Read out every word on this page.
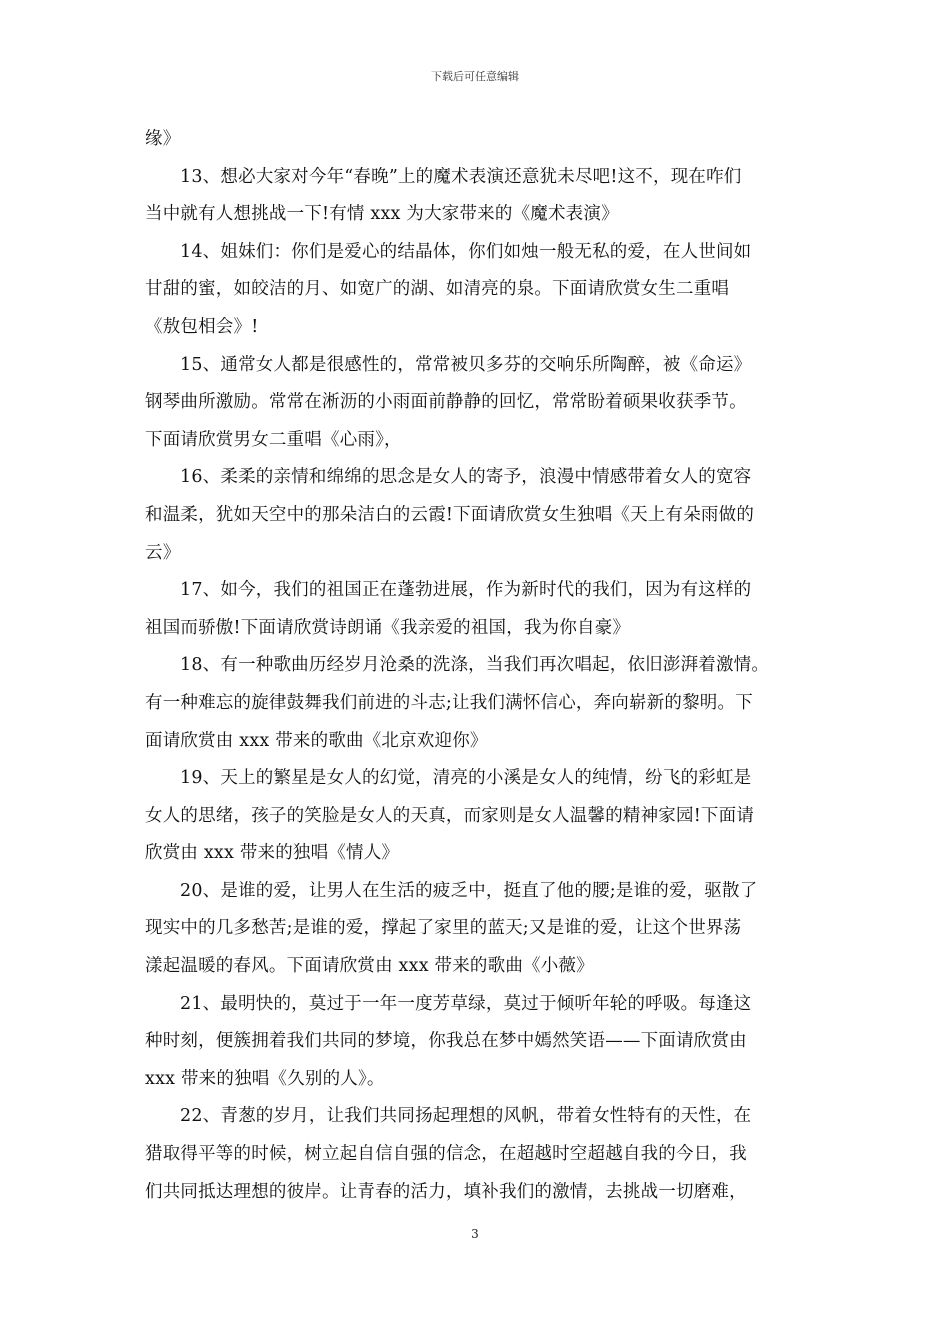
下载后可任意编辑
缘》
13、想必大家对今年“春晚”上的魔术表演还意犹未尽吧!这不，现在咋们
当中就有人想挑战一下!有情 xxx 为大家带来的《魔术表演》
14、姐妹们：你们是爱心的结晶体，你们如烛一般无私的爱，在人世间如
甘甜的蜜，如皎洁的月、如宽广的湖、如清亮的泉。下面请欣赏女生二重唱
《敖包相会》!
15、通常女人都是很感性的，常常被贝多芬的交响乐所陶醉，被《命运》
钢琴曲所激励。常常在淅沥的小雨面前静静的回忆，常常盼着硕果收获季节。
下面请欣赏男女二重唱《心雨》，
16、柔柔的亲情和绵绵的思念是女人的寄予，浪漫中情感带着女人的宽容
和温柔，犹如天空中的那朵洁白的云霞!下面请欣赏女生独唱《天上有朵雨做的
云》
17、如今，我们的祖国正在蓬勃进展，作为新时代的我们，因为有这样的
祖国而骄傲!下面请欣赏诗朗诵《我亲爱的祖国，我为你自豪》
18、有一种歌曲历经岁月沧桑的洗涤，当我们再次唱起，依旧澎湃着激情。
有一种难忘的旋律鼓舞我们前进的斗志;让我们满怀信心，奔向崭新的黎明。下
面请欣赏由 xxx 带来的歌曲《北京欢迎你》
19、天上的繁星是女人的幻觉，清亮的小溪是女人的纯情，纷飞的彩虹是
女人的思绪，孩子的笑脸是女人的天真，而家则是女人温馨的精神家园!下面请
欣赏由 xxx 带来的独唱《情人》
20、是谁的爱，让男人在生活的疲乏中，挺直了他的腰;是谁的爱，驱散了
现实中的几多愁苦;是谁的爱，撑起了家里的蓝天;又是谁的爱，让这个世界荡
漾起温暖的春风。下面请欣赏由 xxx 带来的歌曲《小薇》
21、最明快的，莫过于一年一度芳草绿，莫过于倾听年轮的呼吸。每逢这
种时刻，便簇拥着我们共同的梦境，你我总在梦中嫣然笑语——下面请欣赏由
xxx 带来的独唱《久别的人》。
22、青葱的岁月，让我们共同扬起理想的风帆，带着女性特有的天性，在
猎取得平等的时候，树立起自信自强的信念，在超越时空超越自我的今日，我
们共同抵达理想的彼岸。让青春的活力，填补我们的激情，去挑战一切磨难，
3
